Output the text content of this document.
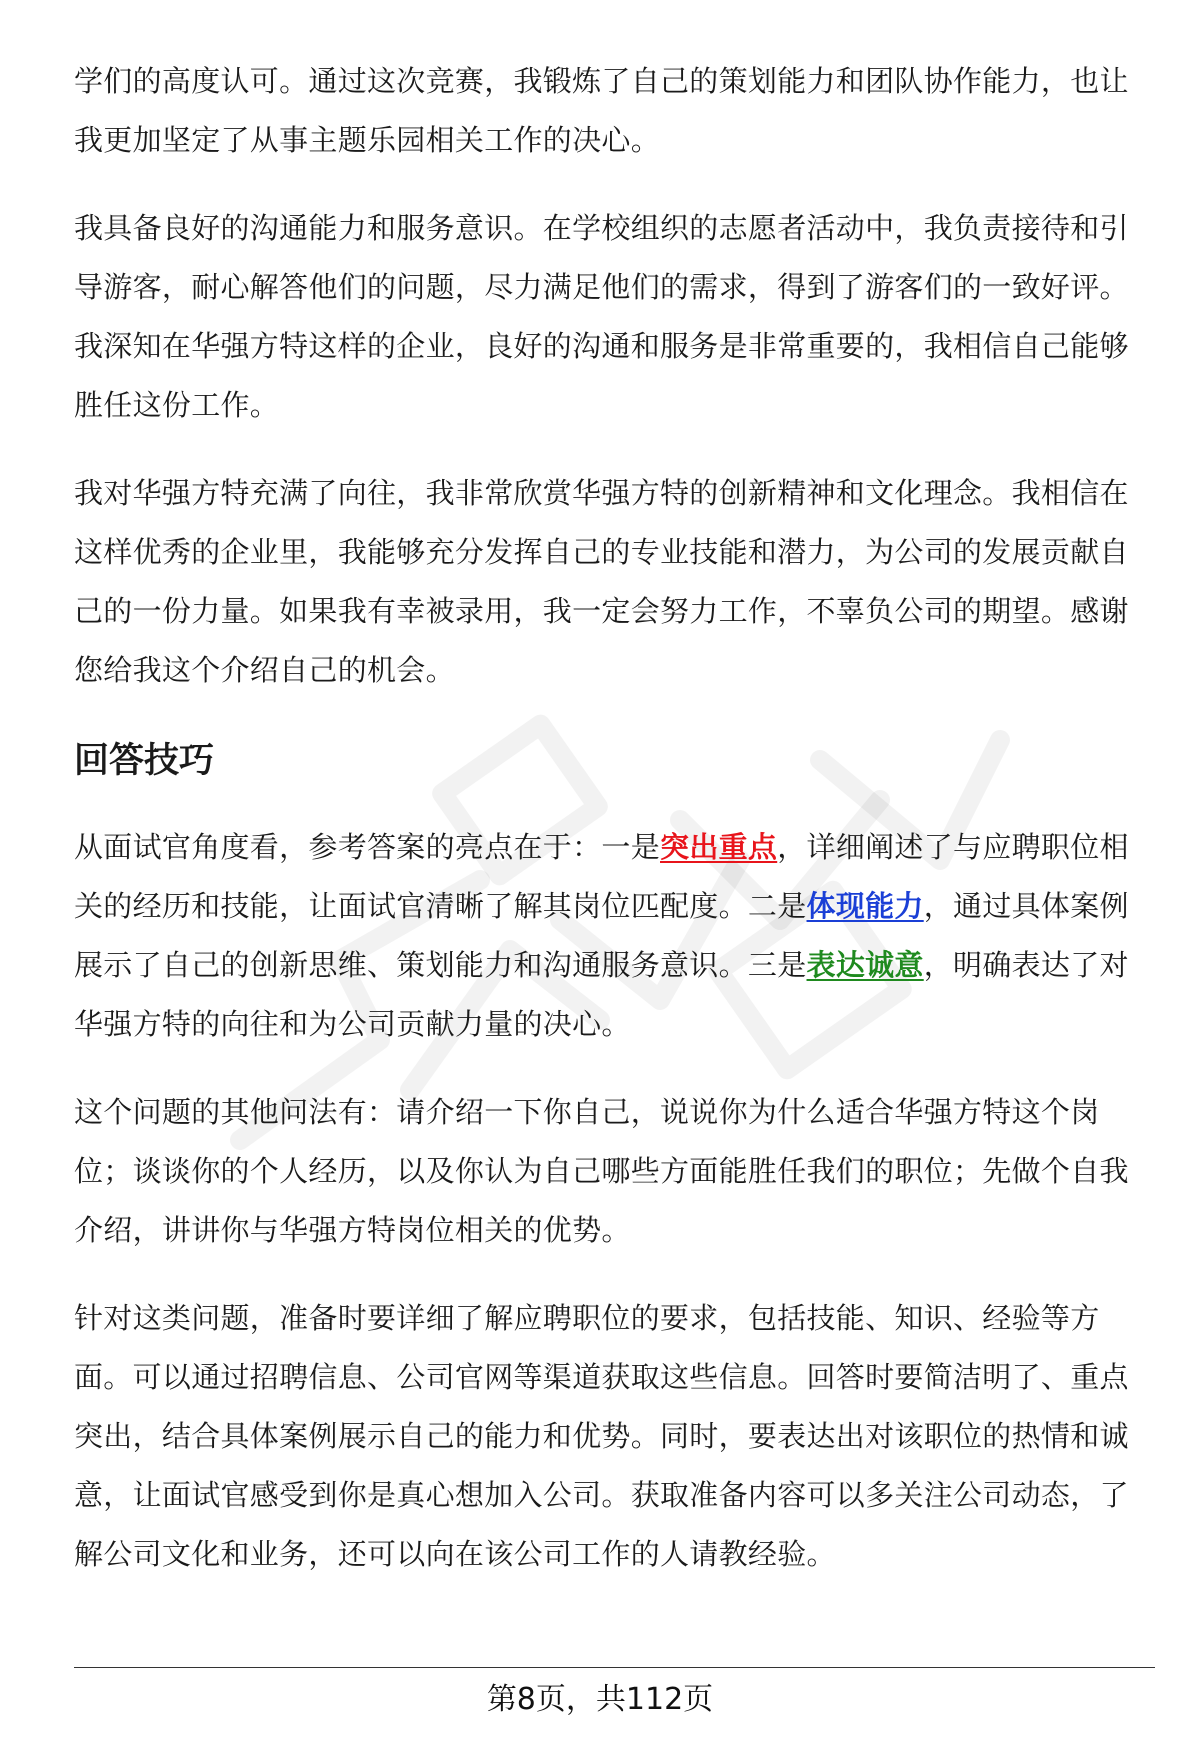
学们的高度认可。通过这次竞赛，我锻炼了自己的策划能力和团队协作能力，也让我更加坚定了从事主题乐园相关工作的决心。

我具备良好的沟通能力和服务意识。在学校组织的志愿者活动中，我负责接待和引导游客，耐心解答他们的问题，尽力满足他们的需求，得到了游客们的一致好评。我深知在华强方特这样的企业，良好的沟通和服务是非常重要的，我相信自己能够胜任这份工作。

我对华强方特充满了向往，我非常欣赏华强方特的创新精神和文化理念。我相信在这样优秀的企业里，我能够充分发挥自己的专业技能和潜力，为公司的发展贡献自己的一份力量。如果我有幸被录用，我一定会努力工作，不辜负公司的期望。感谢您给我这个介绍自己的机会。

回答技巧

从面试官角度看，参考答案的亮点在于：一是突出重点，详细阐述了与应聘职位相关的经历和技能，让面试官清晰了解其岗位匹配度。二是体现能力，通过具体案例展示了自己的创新思维、策划能力和沟通服务意识。三是表达诚意，明确表达了对华强方特的向往和为公司贡献力量的决心。

这个问题的其他问法有：请介绍一下你自己，说说你为什么适合华强方特这个岗位；谈谈你的个人经历，以及你认为自己哪些方面能胜任我们的职位；先做个自我介绍，讲讲你与华强方特岗位相关的优势。

针对这类问题，准备时要详细了解应聘职位的要求，包括技能、知识、经验等方面。可以通过招聘信息、公司官网等渠道获取这些信息。回答时要简洁明了、重点突出，结合具体案例展示自己的能力和优势。同时，要表达出对该职位的热情和诚意，让面试官感受到你是真心想加入公司。获取准备内容可以多关注公司动态，了解公司文化和业务，还可以向在该公司工作的人请教经验。

第8页，共112页
